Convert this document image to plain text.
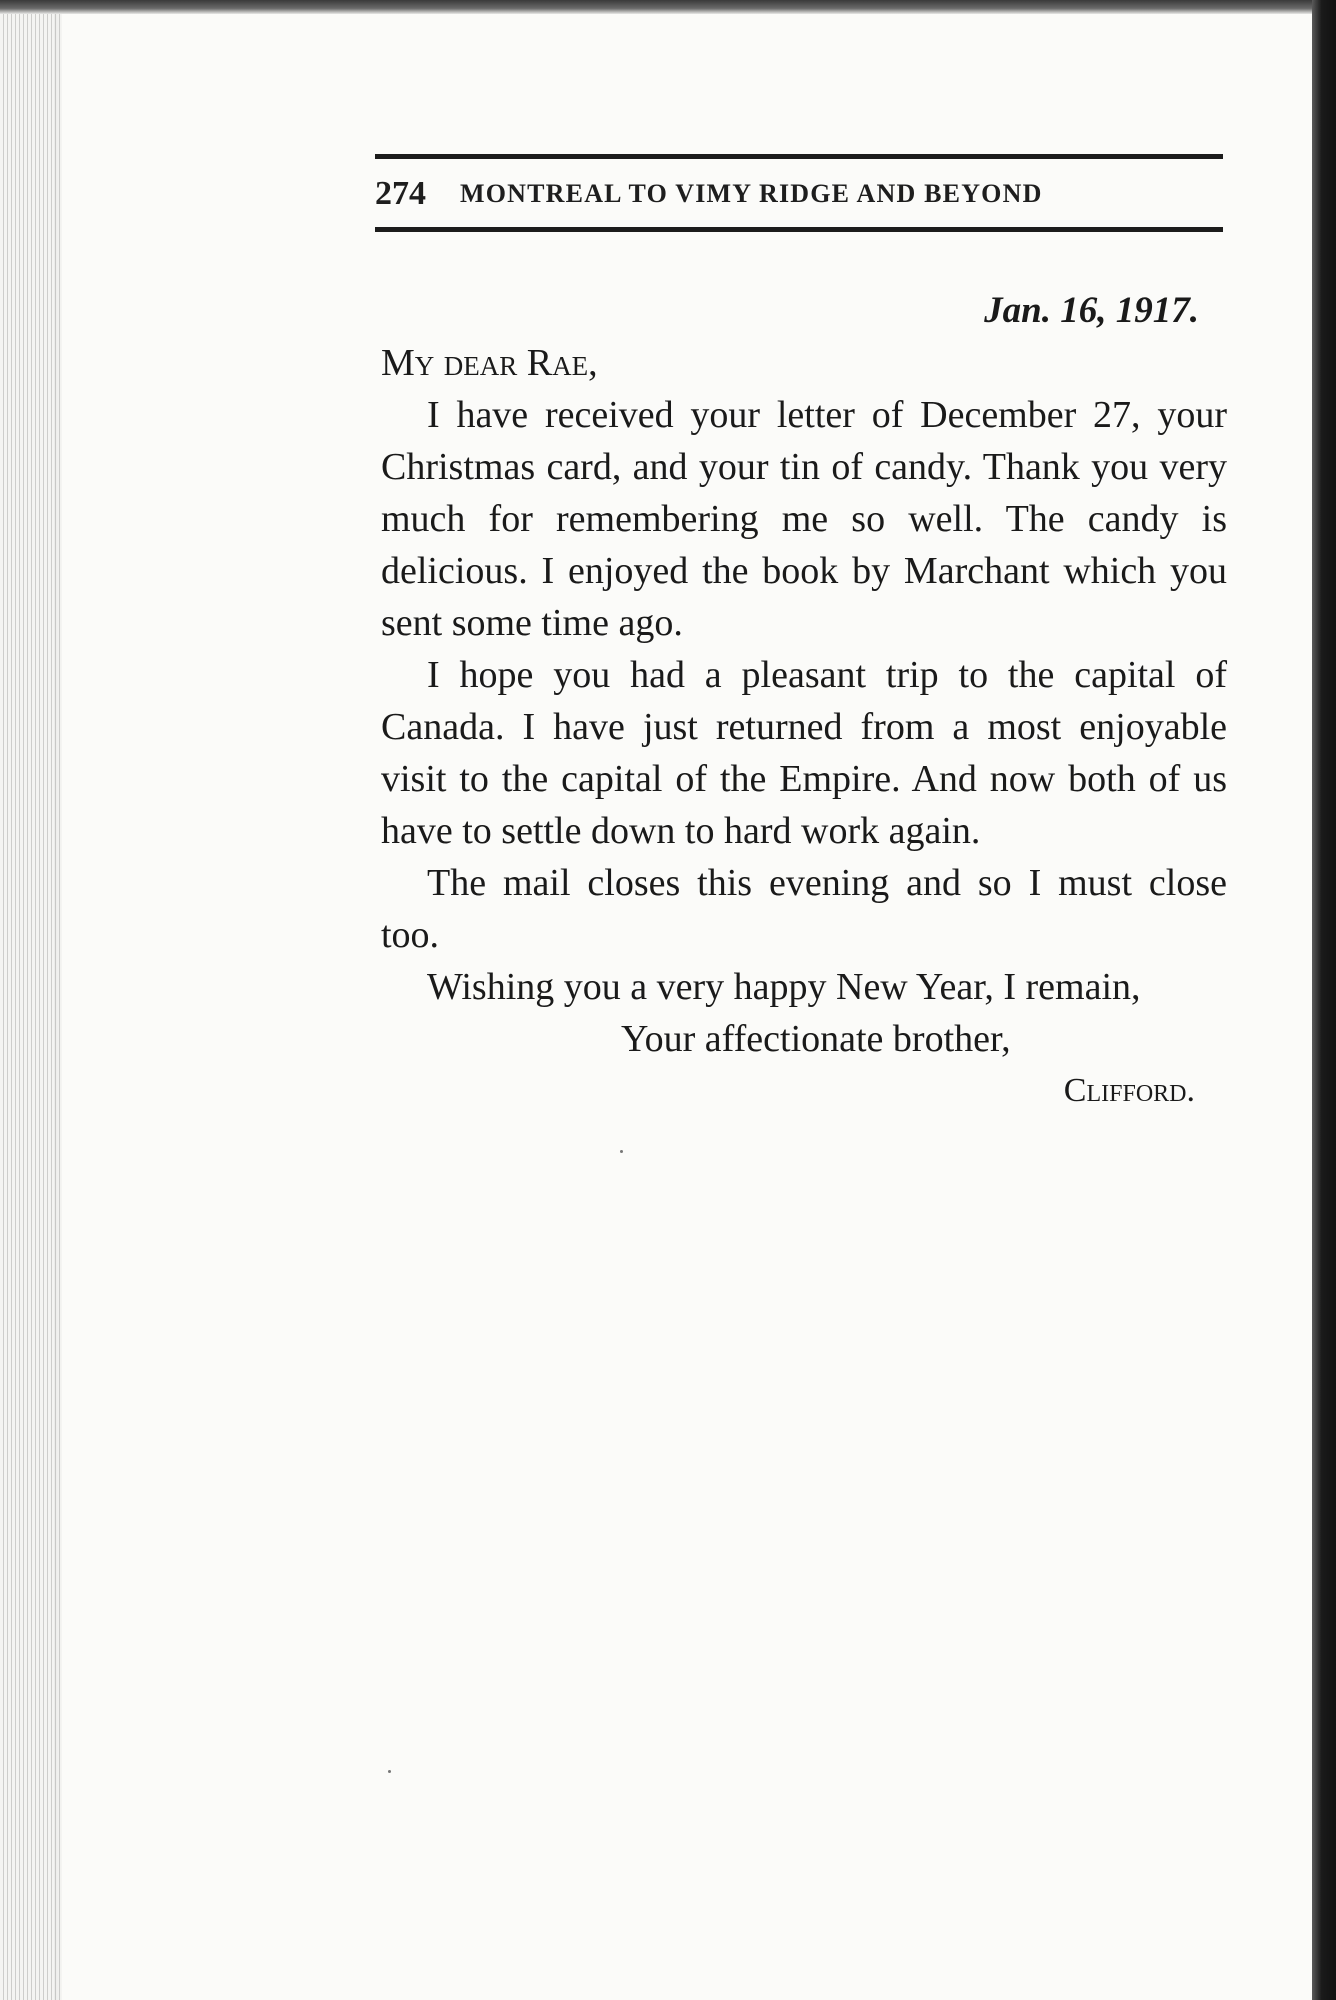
274 MONTREAL TO VIMY RIDGE AND BEYOND
Jan. 16, 1917.
My dear Rae,

I have received your letter of December 27, your Christmas card, and your tin of candy. Thank you very much for remembering me so well. The candy is delicious. I enjoyed the book by Marchant which you sent some time ago.

I hope you had a pleasant trip to the capital of Canada. I have just returned from a most enjoyable visit to the capital of the Empire. And now both of us have to settle down to hard work again.

The mail closes this evening and so I must close too.

Wishing you a very happy New Year, I remain,

Your affectionate brother,
Clifford.
